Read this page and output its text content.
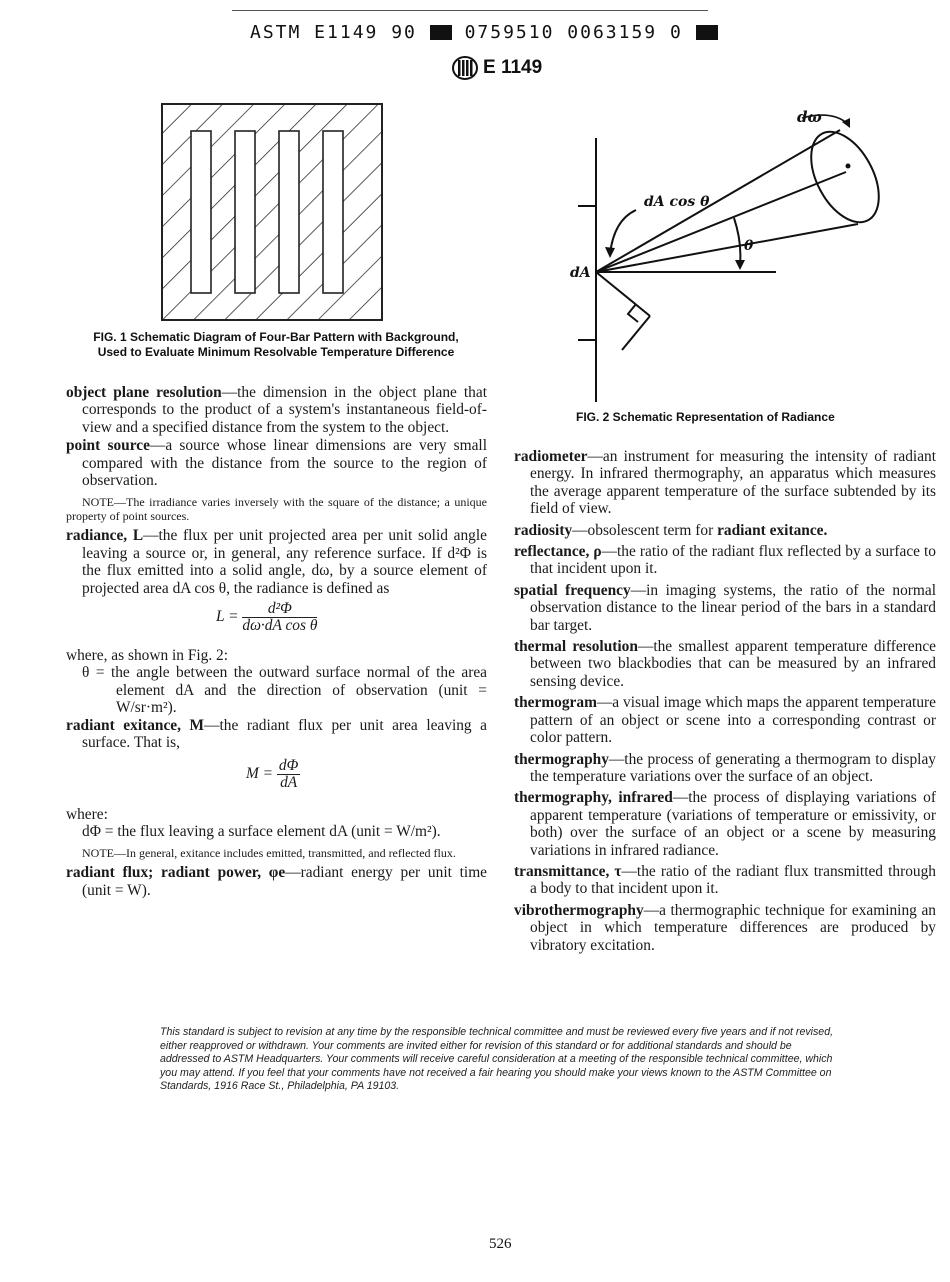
ASTM E1149 90	0759510 0063159 0
E 1149
FIG. 1 Schematic Diagram of Four-Bar Pattern with Background,
Used to Evaluate Minimum Resolvable Temperature Difference
dω
dA cos θ
θ
dA
FIG. 2 Schematic Representation of Radiance

object plane resolution—the dimension in the object plane that corresponds to the product of a system's instantaneous field-of-view and a specified distance from the system to the object.

point source—a source whose linear dimensions are very small compared with the distance from the source to the region of observation.

NOTE—The irradiance varies inversely with the square of the distance; a unique property of point sources.

radiance, L—the flux per unit projected area per unit solid angle leaving a source or, in general, any reference surface. If d²Φ is the flux emitted into a solid angle, dω, by a source element of projected area dA cos θ, the radiance is defined as

$L = \frac{\text{d²Φ}}{\text{dω·dA cos θ}}$

where, as shown in Fig. 2:

θ = the angle between the outward surface normal of the area element dA and the direction of observation (unit = W/sr·m²).

radiant exitance, M—the radiant flux per unit area leaving a surface. That is,

$M = \frac{d\Phi}{dA}$

where:

dΦ = the flux leaving a surface element dA (unit = W/m²).

NOTE—In general, exitance includes emitted, transmitted, and reflected flux.

radiant flux; radiant power, φe—radiant energy per unit time (unit = W).

radiometer—an instrument for measuring the intensity of radiant energy. In infrared thermography, an apparatus which measures the average apparent temperature of the surface subtended by its field of view.

radiosity—obsolescent term for radiant exitance.

reflectance, ρ—the ratio of the radiant flux reflected by a surface to that incident upon it.

spatial frequency—in imaging systems, the ratio of the normal observation distance to the linear period of the bars in a standard bar target.

thermal resolution—the smallest apparent temperature difference between two blackbodies that can be measured by an infrared sensing device.

thermogram—a visual image which maps the apparent temperature pattern of an object or scene into a corresponding contrast or color pattern.

thermography—the process of generating a thermogram to display the temperature variations over the surface of an object.

thermography, infrared—the process of displaying variations of apparent temperature (variations of temperature or emissivity, or both) over the surface of an object or a scene by measuring variations in infrared radiance.

transmittance, τ—the ratio of the radiant flux transmitted through a body to that incident upon it.

vibrothermography—a thermographic technique for examining an object in which temperature differences are produced by vibratory excitation.

This standard is subject to revision at any time by the responsible technical committee and must be reviewed every five years and if not revised, either reapproved or withdrawn. Your comments are invited either for revision of this standard or for additional standards and should be addressed to ASTM Headquarters. Your comments will receive careful consideration at a meeting of the responsible technical committee, which you may attend. If you feel that your comments have not received a fair hearing you should make your views known to the ASTM Committee on Standards, 1916 Race St., Philadelphia, PA 19103.
526
